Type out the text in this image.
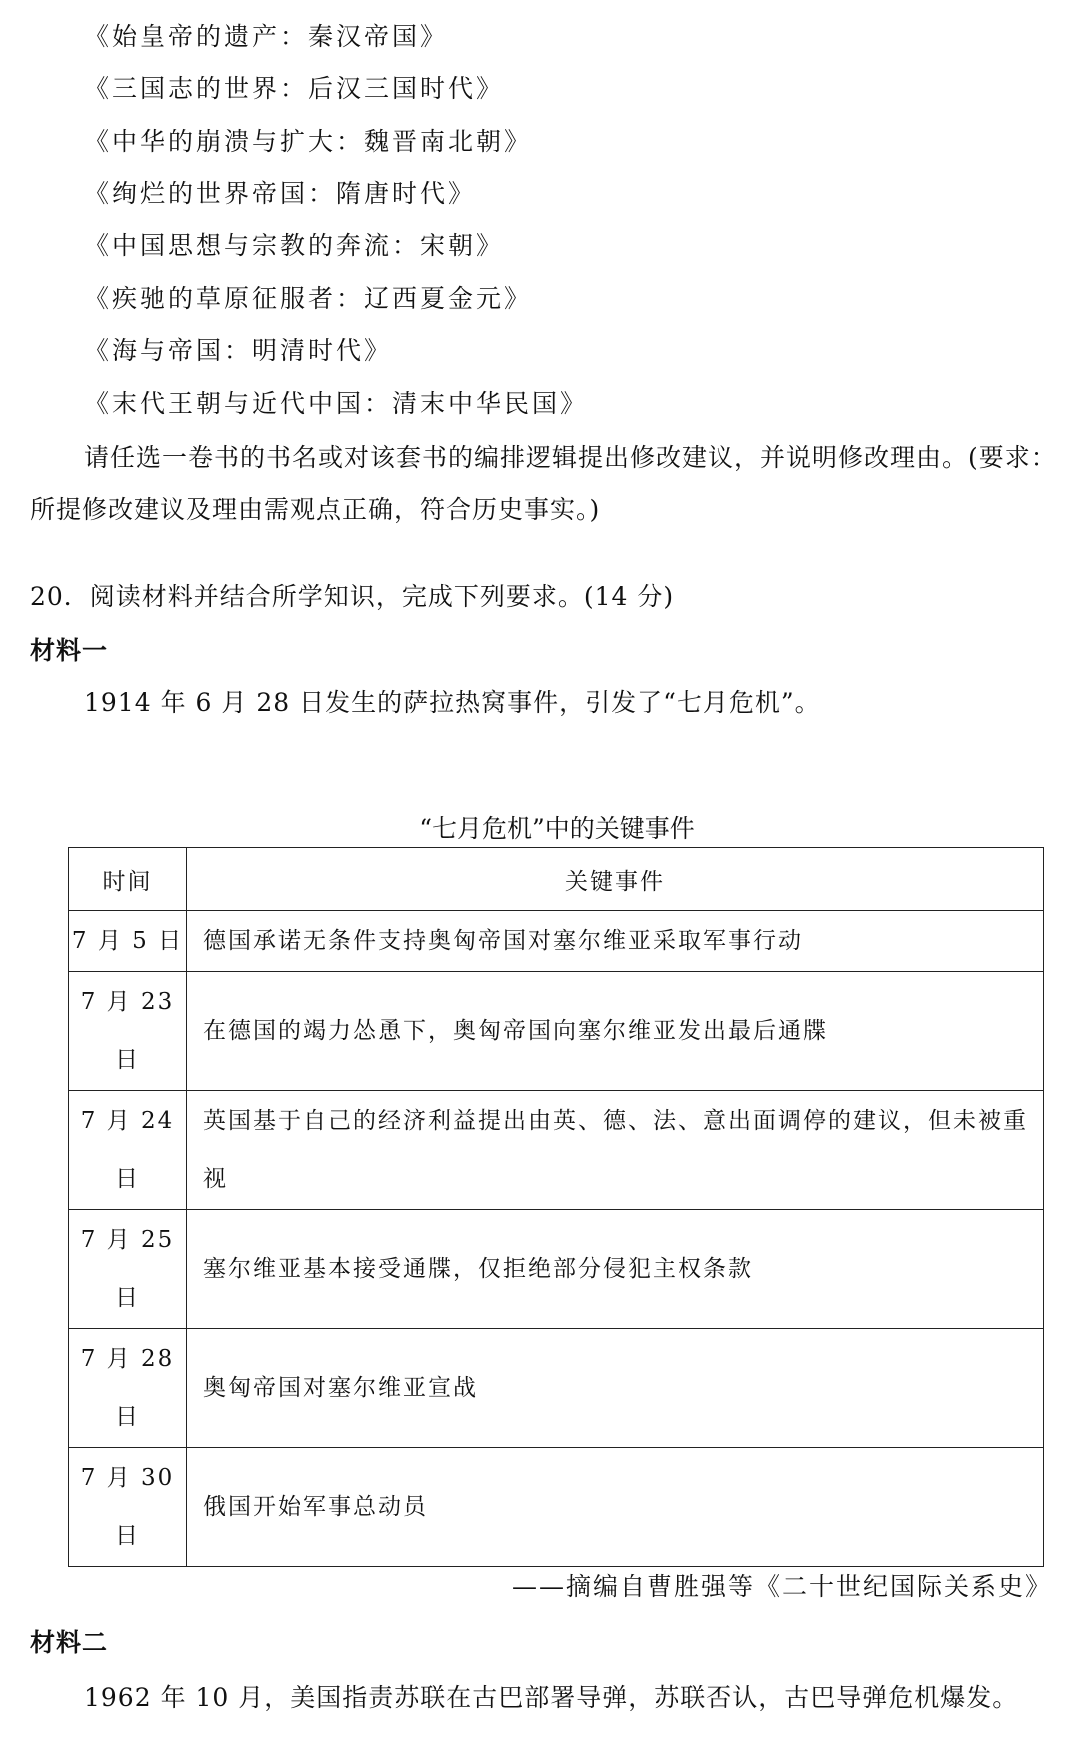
《始皇帝的遗产：秦汉帝国》
《三国志的世界：后汉三国时代》
《中华的崩溃与扩大：魏晋南北朝》
《绚烂的世界帝国：隋唐时代》
《中国思想与宗教的奔流：宋朝》
《疾驰的草原征服者：辽西夏金元》
《海与帝国：明清时代》
《末代王朝与近代中国：清末中华民国》
请任选一卷书的书名或对该套书的编排逻辑提出修改建议，并说明修改理由。(要求：
所提修改建议及理由需观点正确，符合历史事实。)
20．阅读材料并结合所学知识，完成下列要求。(14 分)
材料一
1914 年 6 月 28 日发生的萨拉热窝事件，引发了“七月危机”。
“七月危机”中的关键事件
时间	关键事件
7 月 5 日	德国承诺无条件支持奥匈帝国对塞尔维亚采取军事行动
7 月 23 日	在德国的竭力怂恿下，奥匈帝国向塞尔维亚发出最后通牒
7 月 24 日	英国基于自己的经济利益提出由英、德、法、意出面调停的建议，但未被重视
7 月 25 日	塞尔维亚基本接受通牒，仅拒绝部分侵犯主权条款
7 月 28 日	奥匈帝国对塞尔维亚宣战
7 月 30 日	俄国开始军事总动员
——摘编自曹胜强等《二十世纪国际关系史》
材料二
1962 年 10 月，美国指责苏联在古巴部署导弹，苏联否认，古巴导弹危机爆发。
